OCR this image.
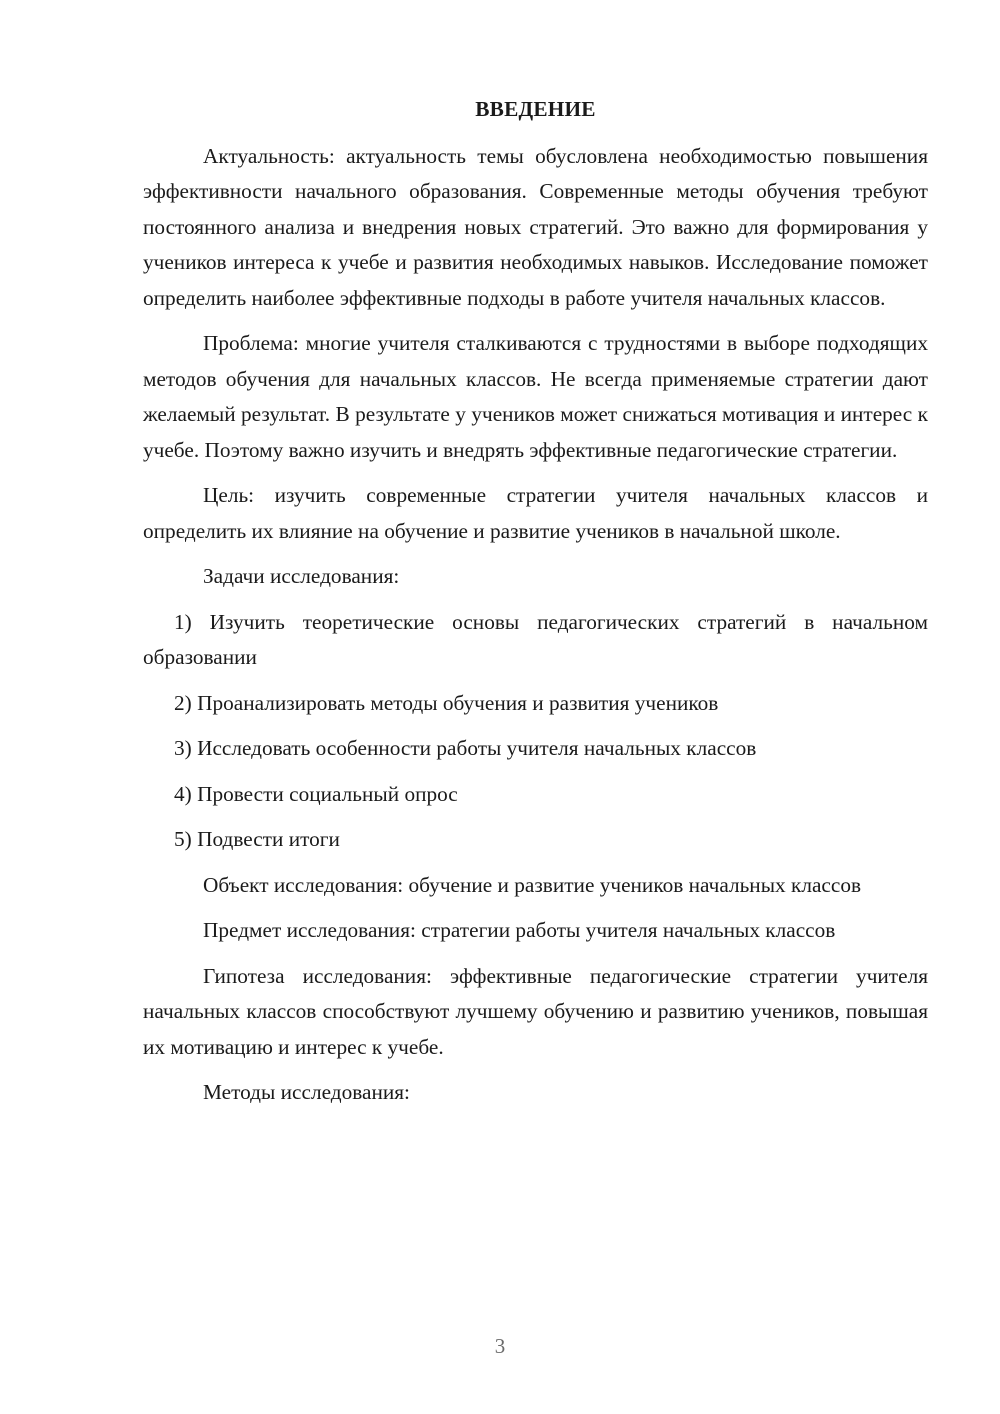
ВВЕДЕНИЕ

Актуальность: актуальность темы обусловлена необходимостью повышения эффективности начального образования. Современные методы обучения требуют постоянного анализа и внедрения новых стратегий. Это важно для формирования у учеников интереса к учебе и развития необходимых навыков. Исследование поможет определить наиболее эффективные подходы в работе учителя начальных классов.

Проблема: многие учителя сталкиваются с трудностями в выборе подходящих методов обучения для начальных классов. Не всегда применяемые стратегии дают желаемый результат. В результате у учеников может снижаться мотивация и интерес к учебе. Поэтому важно изучить и внедрять эффективные педагогические стратегии.

Цель: изучить современные стратегии учителя начальных классов и определить их влияние на обучение и развитие учеников в начальной школе.

Задачи исследования:

1) Изучить теоретические основы педагогических стратегий в начальном образовании

2) Проанализировать методы обучения и развития учеников

3) Исследовать особенности работы учителя начальных классов

4) Провести социальный опрос

5) Подвести итоги

Объект исследования: обучение и развитие учеников начальных классов

Предмет исследования: стратегии работы учителя начальных классов

Гипотеза исследования: эффективные педагогические стратегии учителя начальных классов способствуют лучшему обучению и развитию учеников, повышая их мотивацию и интерес к учебе.

Методы исследования:

3
